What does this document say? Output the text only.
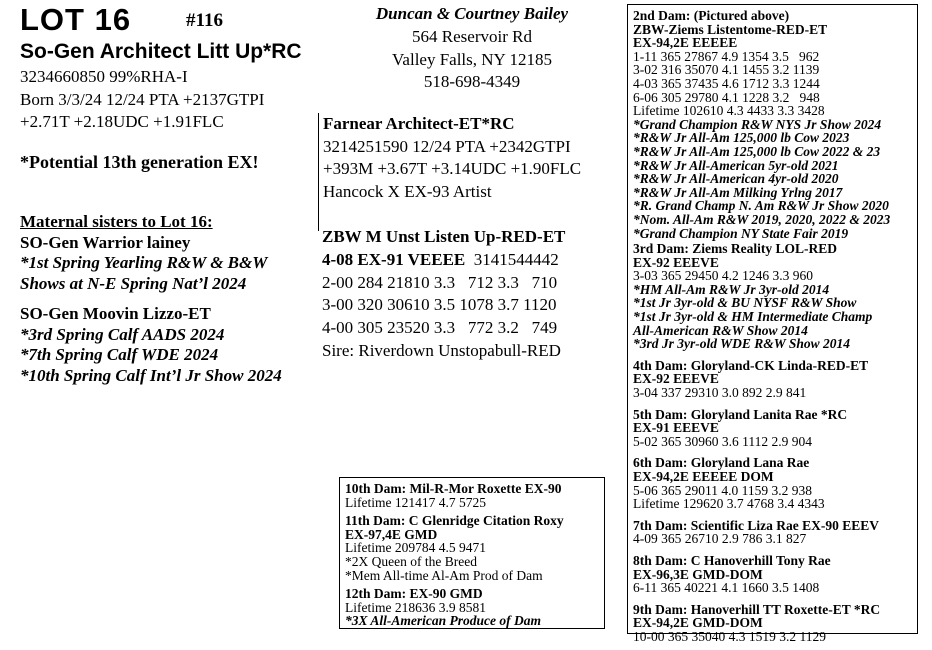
LOT 16	#116
So-Gen Architect Litt Up*RC
3234660850 99%RHA-I
Born 3/3/24 12/24 PTA +2137GTPI
+2.71T +2.18UDC +1.91FLC
*Potential 13th generation EX!
Maternal sisters to Lot 16:
SO-Gen Warrior lainey
*1st Spring Yearling R&W & B&W
Shows at N-E Spring Nat’l 2024
SO-Gen Moovin Lizzo-ET
*3rd Spring Calf AADS 2024
*7th Spring Calf WDE 2024
*10th Spring Calf Int’l Jr Show 2024
Duncan & Courtney Bailey
564 Reservoir Rd
Valley Falls, NY 12185
518-698-4349
Farnear Architect-ET*RC
3214251590 12/24 PTA +2342GTPI
+393M +3.67T +3.14UDC +1.90FLC
Hancock X EX-93 Artist
ZBW M Unst Listen Up-RED-ET
4-08 EX-91 VEEEE 3141544442
2-00 284 21810 3.3   712 3.3   710
3-00 320 30610 3.5 1078 3.7 1120
4-00 305 23520 3.3   772 3.2   749
Sire: Riverdown Unstopabull-RED
2nd Dam: (Pictured above)
ZBW-Ziems Listentome-RED-ET
EX-94,2E EEEEE
1-11 365 27867 4.9 1354 3.5   962
3-02 316 35070 4.1 1455 3.2 1139
4-03 365 37435 4.6 1712 3.3 1244
6-06 305 29780 4.1 1228 3.2   948
Lifetime 102610 4.3 4433 3.3 3428
*Grand Champion R&W NYS Jr Show 2024
*R&W Jr All-Am 125,000 lb Cow 2023
*R&W Jr All-Am 125,000 lb Cow 2022 & 23
*R&W Jr All-American 5yr-old 2021
*R&W Jr All-American 4yr-old 2020
*R&W Jr All-Am Milking Yrlng 2017
*R. Grand Champ N. Am R&W Jr Show 2020
*Nom. All-Am R&W 2019, 2020, 2022 & 2023
*Grand Champion NY State Fair 2019
3rd Dam: Ziems Reality LOL-RED
EX-92 EEEVE
3-03 365 29450 4.2 1246 3.3 960
*HM All-Am R&W Jr 3yr-old 2014
*1st Jr 3yr-old & BU NYSF R&W Show
*1st Jr 3yr-old & HM Intermediate Champ
All-American R&W Show 2014
*3rd Jr 3yr-old WDE R&W Show 2014
4th Dam: Gloryland-CK Linda-RED-ET
EX-92 EEEVE
3-04 337 29310 3.0 892 2.9 841
5th Dam: Gloryland Lanita Rae *RC
EX-91 EEEVE
5-02 365 30960 3.6 1112 2.9 904
6th Dam: Gloryland Lana Rae
EX-94,2E EEEEE DOM
5-06 365 29011 4.0 1159 3.2 938
Lifetime 129620 3.7 4768 3.4 4343
7th Dam: Scientific Liza Rae EX-90 EEEV
4-09 365 26710 2.9 786 3.1 827
8th Dam: C Hanoverhill Tony Rae
EX-96,3E GMD-DOM
6-11 365 40221 4.1 1660 3.5 1408
9th Dam: Hanoverhill TT Roxette-ET *RC
EX-94,2E GMD-DOM
10-00 365 35040 4.3 1519 3.2 1129
10th Dam: Mil-R-Mor Roxette EX-90
Lifetime 121417 4.7 5725
11th Dam: C Glenridge Citation Roxy
EX-97,4E GMD
Lifetime 209784 4.5 9471
*2X Queen of the Breed
*Mem All-time Al-Am Prod of Dam
12th Dam: EX-90 GMD
Lifetime 218636 3.9 8581
*3X All-American Produce of Dam
